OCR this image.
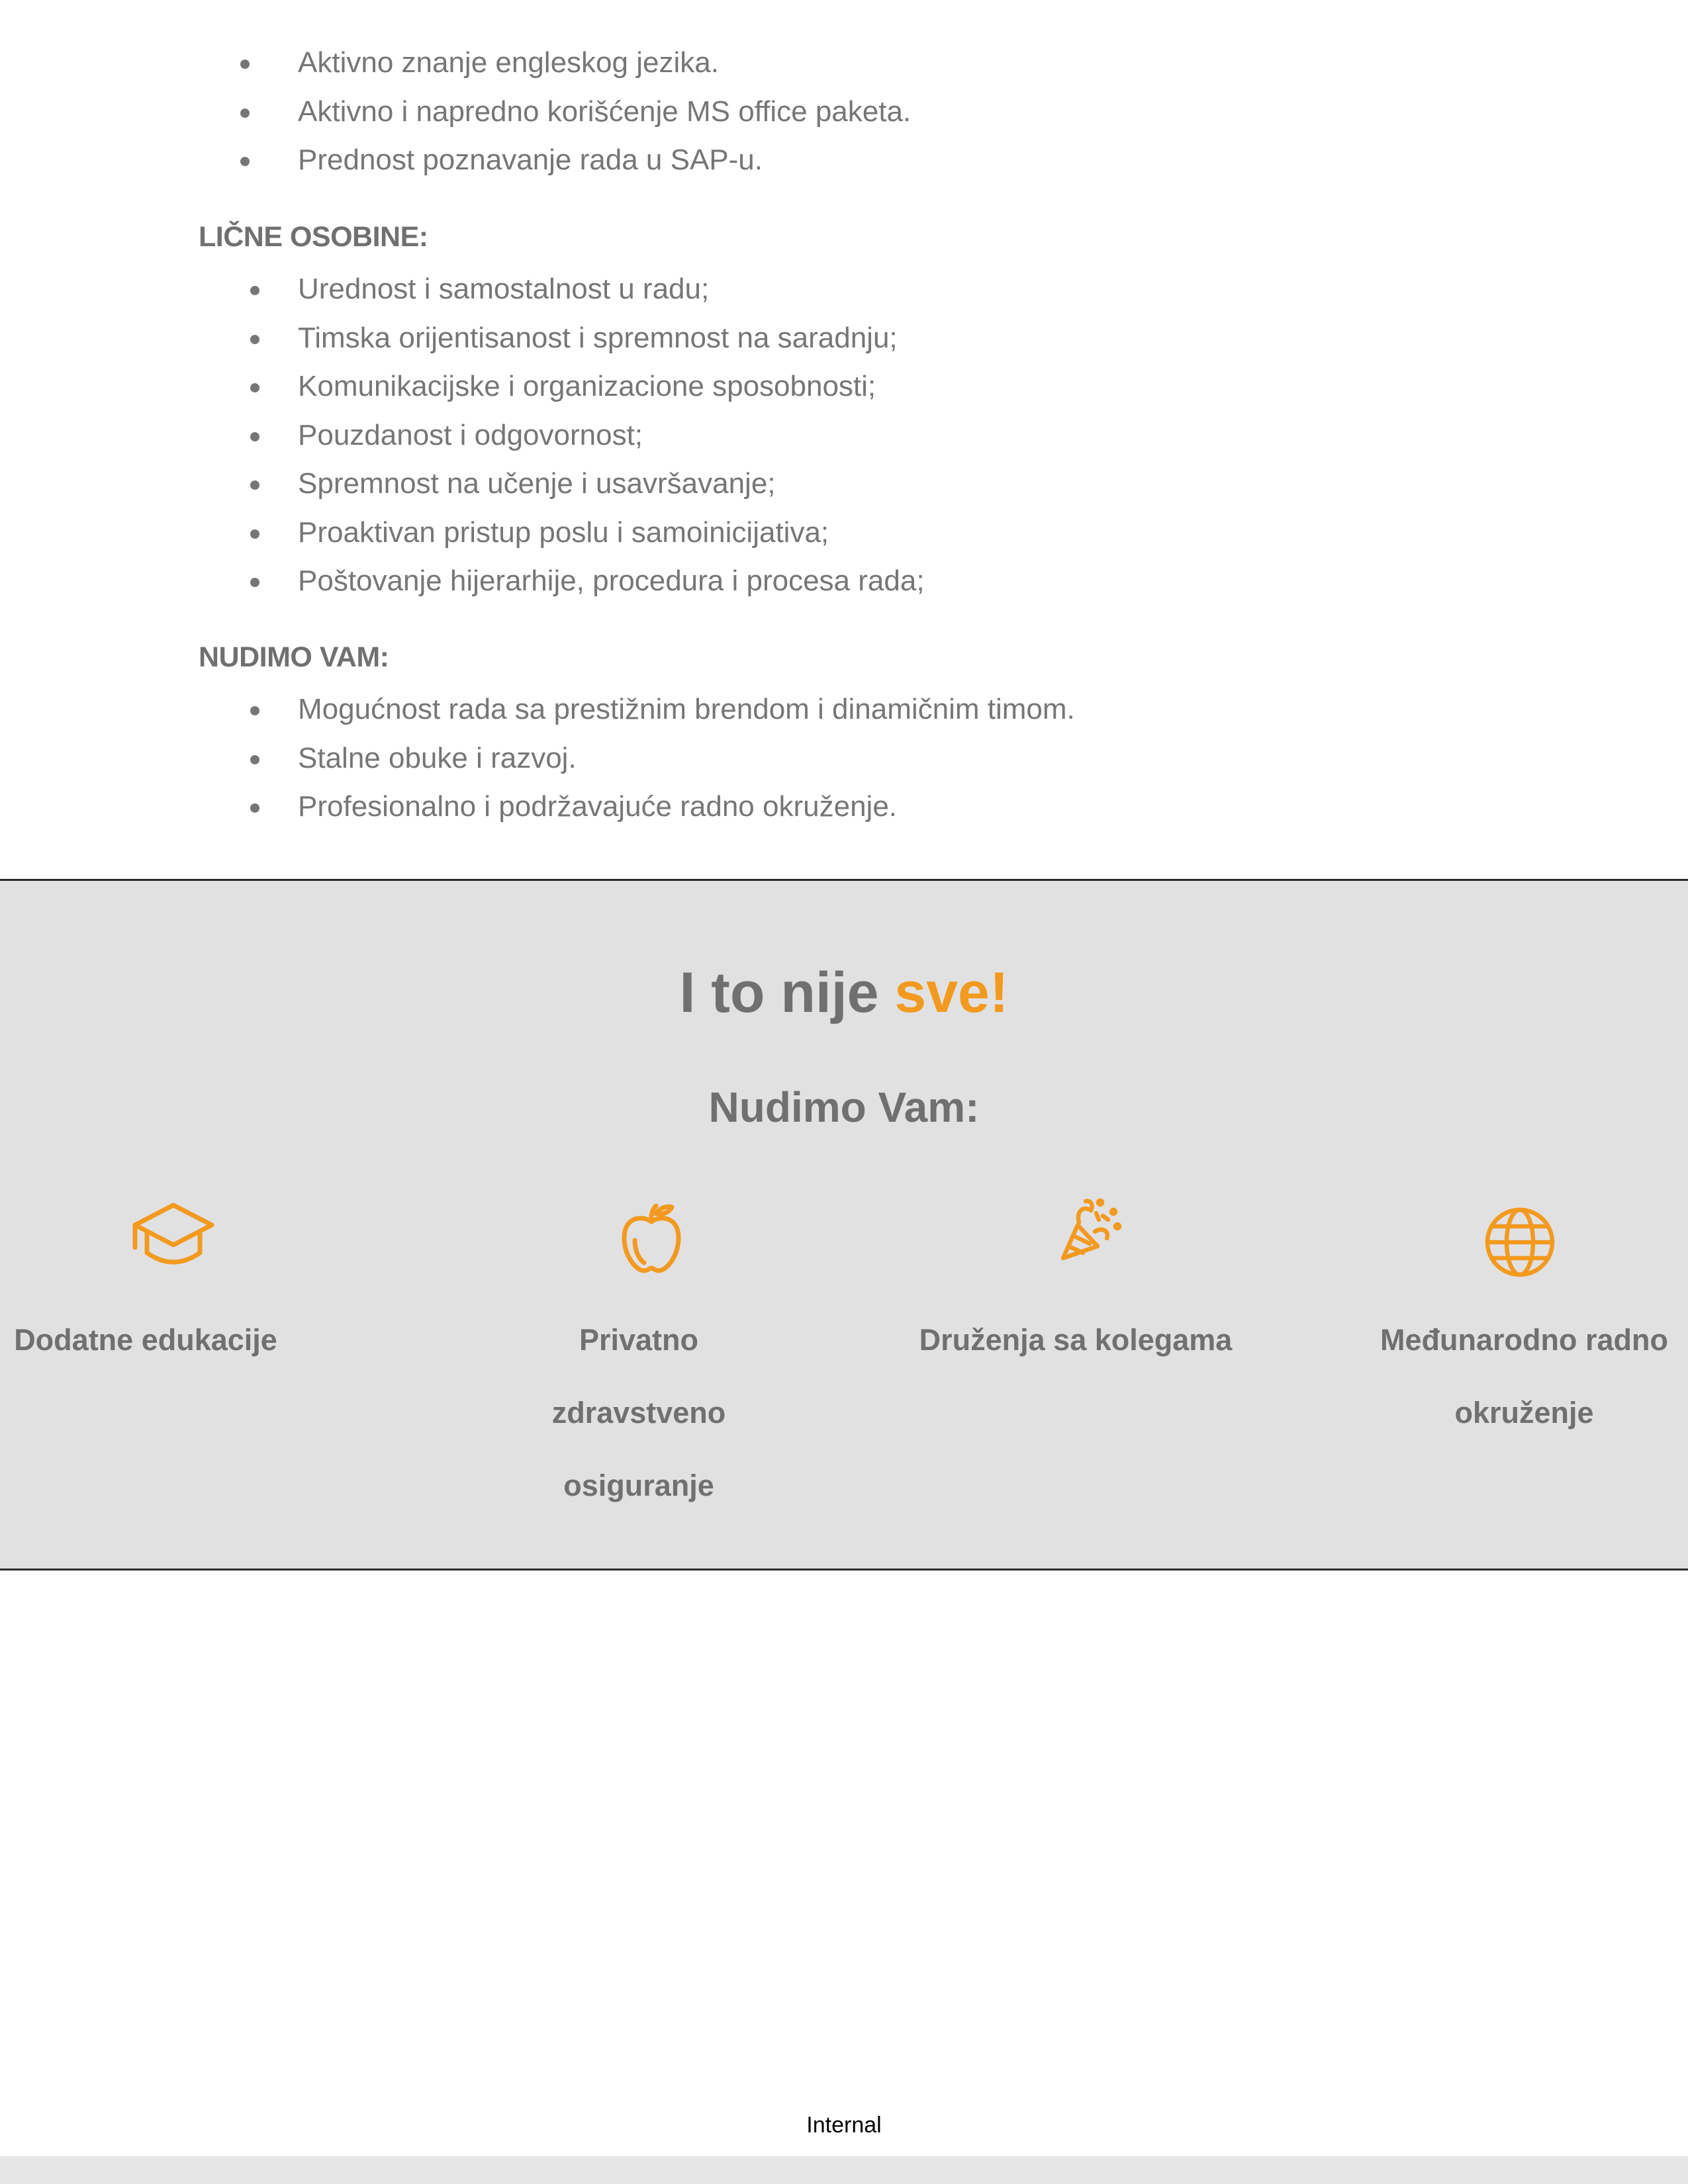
Aktivno znanje engleskog jezika.
Aktivno i napredno korišćenje MS office paketa.
Prednost poznavanje rada u SAP-u.
LIČNE OSOBINE:
Urednost i samostalnost u radu;
Timska orijentisanost i spremnost na saradnju;
Komunikacijske i organizacione sposobnosti;
Pouzdanost i odgovornost;
Spremnost na učenje i usavršavanje;
Proaktivan pristup poslu i samoinicijativa;
Poštovanje hijerarhije, procedura i procesa rada;
NUDIMO VAM:
Mogućnost rada sa prestižnim brendom i dinamičnim timom.
Stalne obuke i razvoj.
Profesionalno i podržavajuće radno okruženje.
I to nije sve!
Nudimo Vam:
Dodatne edukacije	Privatno zdravstveno
osiguranje
Druženja sa kolegama	Međunarodno radno
okruženje
Internal
